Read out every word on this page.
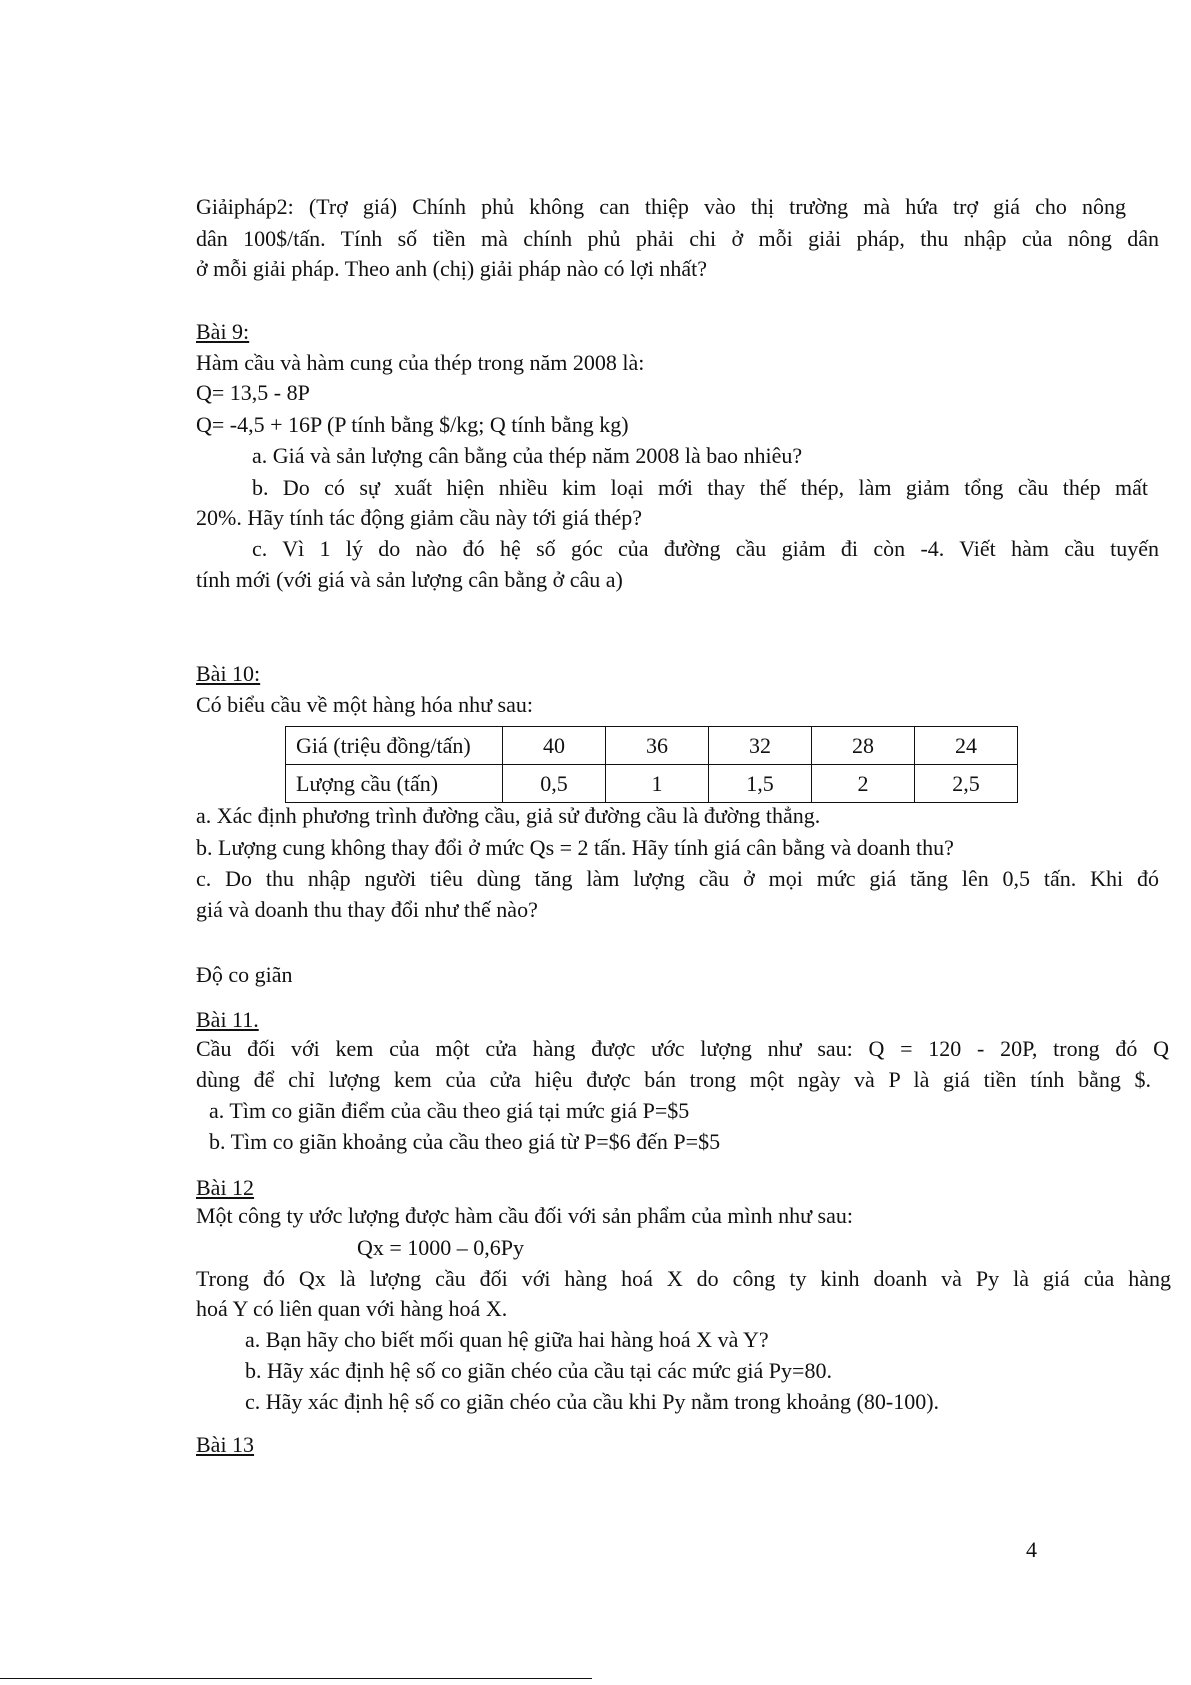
Giảipháp2: (Trợ giá) Chính phủ không can thiệp vào thị trường mà hứa trợ giá cho nông
dân 100$/tấn. Tính số tiền mà chính phủ phải chi ở mỗi giải pháp, thu nhập của nông dân
ở mỗi giải pháp. Theo anh (chị) giải pháp nào có lợi nhất?
Bài 9:
Hàm cầu và hàm cung của thép trong năm 2008 là:
Q= 13,5 - 8P
Q= -4,5 + 16P (P tính bằng $/kg; Q tính bằng kg)
a. Giá và sản lượng cân bằng của thép năm 2008 là bao nhiêu?
b. Do có sự xuất hiện nhiều kim loại mới thay thế thép, làm giảm tổng cầu thép mất
20%. Hãy tính tác động giảm cầu này tới giá thép?
c. Vì 1 lý do nào đó hệ số góc của đường cầu giảm đi còn -4. Viết hàm cầu tuyến
tính mới (với giá và sản lượng cân bằng ở câu a)
Bài 10:
Có biểu cầu về một hàng hóa như sau:
Giá (triệu đồng/tấn)	40	36	32	28	24
Lượng cầu (tấn)	0,5	1	1,5	2	2,5
a. Xác định phương trình đường cầu, giả sử đường cầu là đường thẳng.
b. Lượng cung không thay đổi ở mức Qs = 2 tấn. Hãy tính giá cân bằng và doanh thu?
c. Do thu nhập người tiêu dùng tăng làm lượng cầu ở mọi mức giá tăng lên 0,5 tấn. Khi đó
giá và doanh thu thay đổi như thế nào?
Độ co giãn
Bài 11.
Cầu đối với kem của một cửa hàng được ước lượng như sau: Q = 120 - 20P, trong đó Q
dùng để chỉ lượng kem của cửa hiệu được bán trong một ngày và P là giá tiền tính bằng $.
a. Tìm co giãn điểm của cầu theo giá tại mức giá P=$5
b. Tìm co giãn khoảng của cầu theo giá từ P=$6 đến P=$5
Bài 12
Một công ty ước lượng được hàm cầu đối với sản phẩm của mình như sau:
Qx = 1000 – 0,6Py
Trong đó Qx là lượng cầu đối với hàng hoá X do công ty kinh doanh và Py là giá của hàng
hoá Y có liên quan với hàng hoá X.
a. Bạn hãy cho biết mối quan hệ giữa hai hàng hoá X và Y?
b. Hãy xác định hệ số co giãn chéo của cầu tại các mức giá Py=80.
c. Hãy xác định hệ số co giãn chéo của cầu khi Py nằm trong khoảng (80-100).
Bài 13
4
